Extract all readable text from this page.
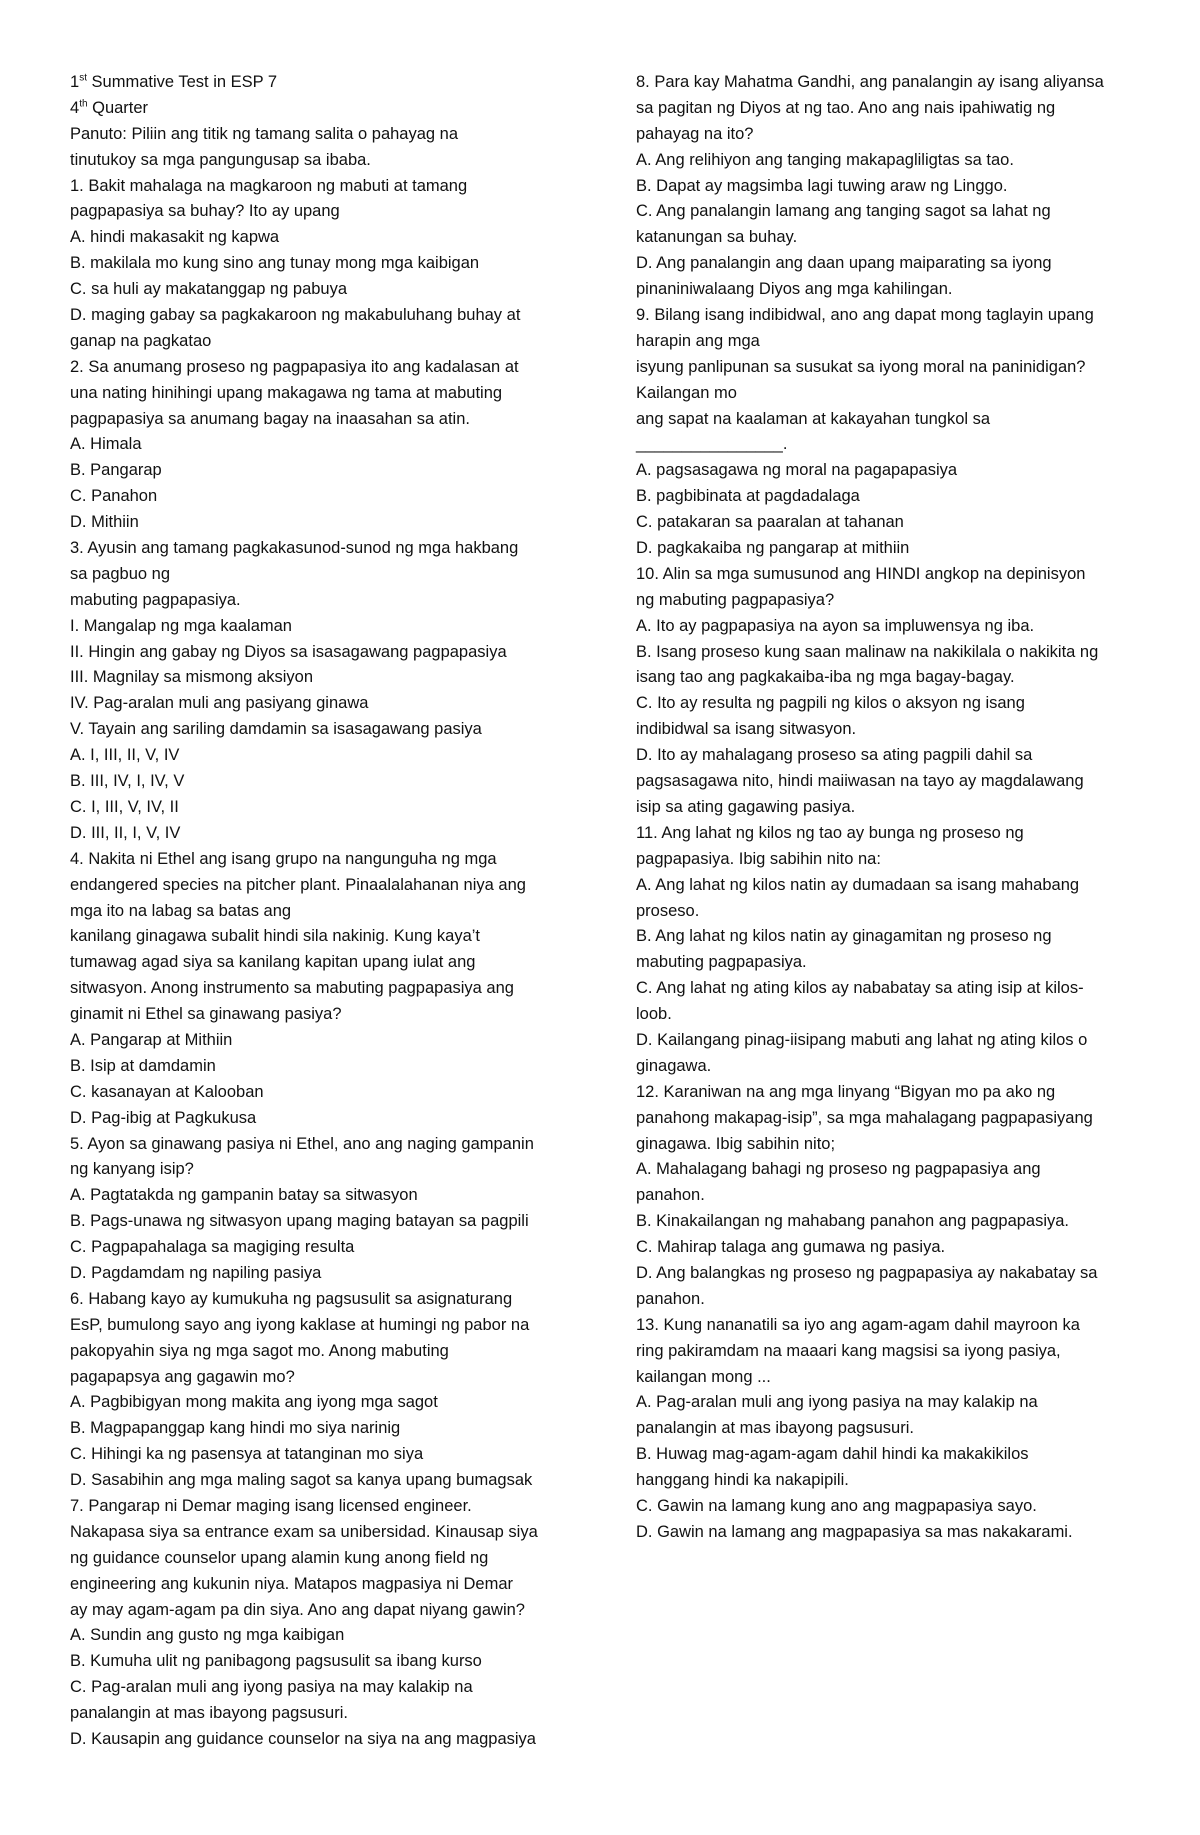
1st Summative Test in ESP 7
4th Quarter
Panuto: Piliin ang titik ng tamang salita o pahayag na
tinutukoy sa mga pangungusap sa ibaba.
1. Bakit mahalaga na magkaroon ng mabuti at tamang
pagpapasiya sa buhay? Ito ay upang
A. hindi makasakit ng kapwa
B. makilala mo kung sino ang tunay mong mga kaibigan
C. sa huli ay makatanggap ng pabuya
D. maging gabay sa pagkakaroon ng makabuluhang buhay at
ganap na pagkatao
2. Sa anumang proseso ng pagpapasiya ito ang kadalasan at
una nating hinihingi upang makagawa ng tama at mabuting
pagpapasiya sa anumang bagay na inaasahan sa atin.
A. Himala
B. Pangarap
C. Panahon
D. Mithiin
3. Ayusin ang tamang pagkakasunod-sunod ng mga hakbang
sa pagbuo ng
mabuting pagpapasiya.
I. Mangalap ng mga kaalaman
II. Hingin ang gabay ng Diyos sa isasagawang pagpapasiya
III. Magnilay sa mismong aksiyon
IV. Pag-aralan muli ang pasiyang ginawa
V. Tayain ang sariling damdamin sa isasagawang pasiya
A. I, III, II, V, IV
B. III, IV, I, IV, V
C. I, III, V, IV, II
D. III, II, I, V, IV
4. Nakita ni Ethel ang isang grupo na nangunguha ng mga
endangered species na pitcher plant. Pinaalalahanan niya ang
mga ito na labag sa batas ang
kanilang ginagawa subalit hindi sila nakinig. Kung kaya’t
tumawag agad siya sa kanilang kapitan upang iulat ang
sitwasyon. Anong instrumento sa mabuting pagpapasiya ang
ginamit ni Ethel sa ginawang pasiya?
A. Pangarap at Mithiin
B. Isip at damdamin
C. kasanayan at Kalooban
D. Pag-ibig at Pagkukusa
5. Ayon sa ginawang pasiya ni Ethel, ano ang naging gampanin
ng kanyang isip?
A. Pagtatakda ng gampanin batay sa sitwasyon
B. Pags-unawa ng sitwasyon upang maging batayan sa pagpili
C. Pagpapahalaga sa magiging resulta
D. Pagdamdam ng napiling pasiya
6. Habang kayo ay kumukuha ng pagsusulit sa asignaturang
EsP, bumulong sayo ang iyong kaklase at humingi ng pabor na
pakopyahin siya ng mga sagot mo. Anong mabuting
pagapapsya ang gagawin mo?
A. Pagbibigyan mong makita ang iyong mga sagot
B. Magpapanggap kang hindi mo siya narinig
C. Hihingi ka ng pasensya at tatanginan mo siya
D. Sasabihin ang mga maling sagot sa kanya upang bumagsak
7. Pangarap ni Demar maging isang licensed engineer.
Nakapasa siya sa entrance exam sa unibersidad. Kinausap siya
ng guidance counselor upang alamin kung anong field ng
engineering ang kukunin niya. Matapos magpasiya ni Demar
ay may agam-agam pa din siya. Ano ang dapat niyang gawin?
A. Sundin ang gusto ng mga kaibigan
B. Kumuha ulit ng panibagong pagsusulit sa ibang kurso
C. Pag-aralan muli ang iyong pasiya na may kalakip na
panalangin at mas ibayong pagsusuri.
D. Kausapin ang guidance counselor na siya na ang magpasiya
8. Para kay Mahatma Gandhi, ang panalangin ay isang aliyansa
sa pagitan ng Diyos at ng tao. Ano ang nais ipahiwatig ng
pahayag na ito?
A. Ang relihiyon ang tanging makapagliligtas sa tao.
B. Dapat ay magsimba lagi tuwing araw ng Linggo.
C. Ang panalangin lamang ang tanging sagot sa lahat ng
katanungan sa buhay.
D. Ang panalangin ang daan upang maiparating sa iyong
pinaniniwalaang Diyos ang mga kahilingan.
9. Bilang isang indibidwal, ano ang dapat mong taglayin upang
harapin ang mga
isyung panlipunan sa susukat sa iyong moral na paninidigan?
Kailangan mo
ang sapat na kaalaman at kakayahan tungkol sa
________________.
A. pagsasagawa ng moral na pagapapasiya
B. pagbibinata at pagdadalaga
C. patakaran sa paaralan at tahanan
D. pagkakaiba ng pangarap at mithiin
10. Alin sa mga sumusunod ang HINDI angkop na depinisyon
ng mabuting pagpapasiya?
A. Ito ay pagpapasiya na ayon sa impluwensya ng iba.
B. Isang proseso kung saan malinaw na nakikilala o nakikita ng
isang tao ang pagkakaiba-iba ng mga bagay-bagay.
C. Ito ay resulta ng pagpili ng kilos o aksyon ng isang
indibidwal sa isang sitwasyon.
D. Ito ay mahalagang proseso sa ating pagpili dahil sa
pagsasagawa nito, hindi maiiwasan na tayo ay magdalawang
isip sa ating gagawing pasiya.
11. Ang lahat ng kilos ng tao ay bunga ng proseso ng
pagpapasiya. Ibig sabihin nito na:
A. Ang lahat ng kilos natin ay dumadaan sa isang mahabang
proseso.
B. Ang lahat ng kilos natin ay ginagamitan ng proseso ng
mabuting pagpapasiya.
C. Ang lahat ng ating kilos ay nababatay sa ating isip at kilos-
loob.
D. Kailangang pinag-iisipang mabuti ang lahat ng ating kilos o
ginagawa.
12. Karaniwan na ang mga linyang “Bigyan mo pa ako ng
panahong makapag-isip”, sa mga mahalagang pagpapasiyang
ginagawa. Ibig sabihin nito;
A. Mahalagang bahagi ng proseso ng pagpapasiya ang
panahon.
B. Kinakailangan ng mahabang panahon ang pagpapasiya.
C. Mahirap talaga ang gumawa ng pasiya.
D. Ang balangkas ng proseso ng pagpapasiya ay nakabatay sa
panahon.
13. Kung nananatili sa iyo ang agam-agam dahil mayroon ka
ring pakiramdam na maaari kang magsisi sa iyong pasiya,
kailangan mong ...
A. Pag-aralan muli ang iyong pasiya na may kalakip na
panalangin at mas ibayong pagsusuri.
B. Huwag mag-agam-agam dahil hindi ka makakikilos
hanggang hindi ka nakapipili.
C. Gawin na lamang kung ano ang magpapasiya sayo.
D. Gawin na lamang ang magpapasiya sa mas nakakarami.
